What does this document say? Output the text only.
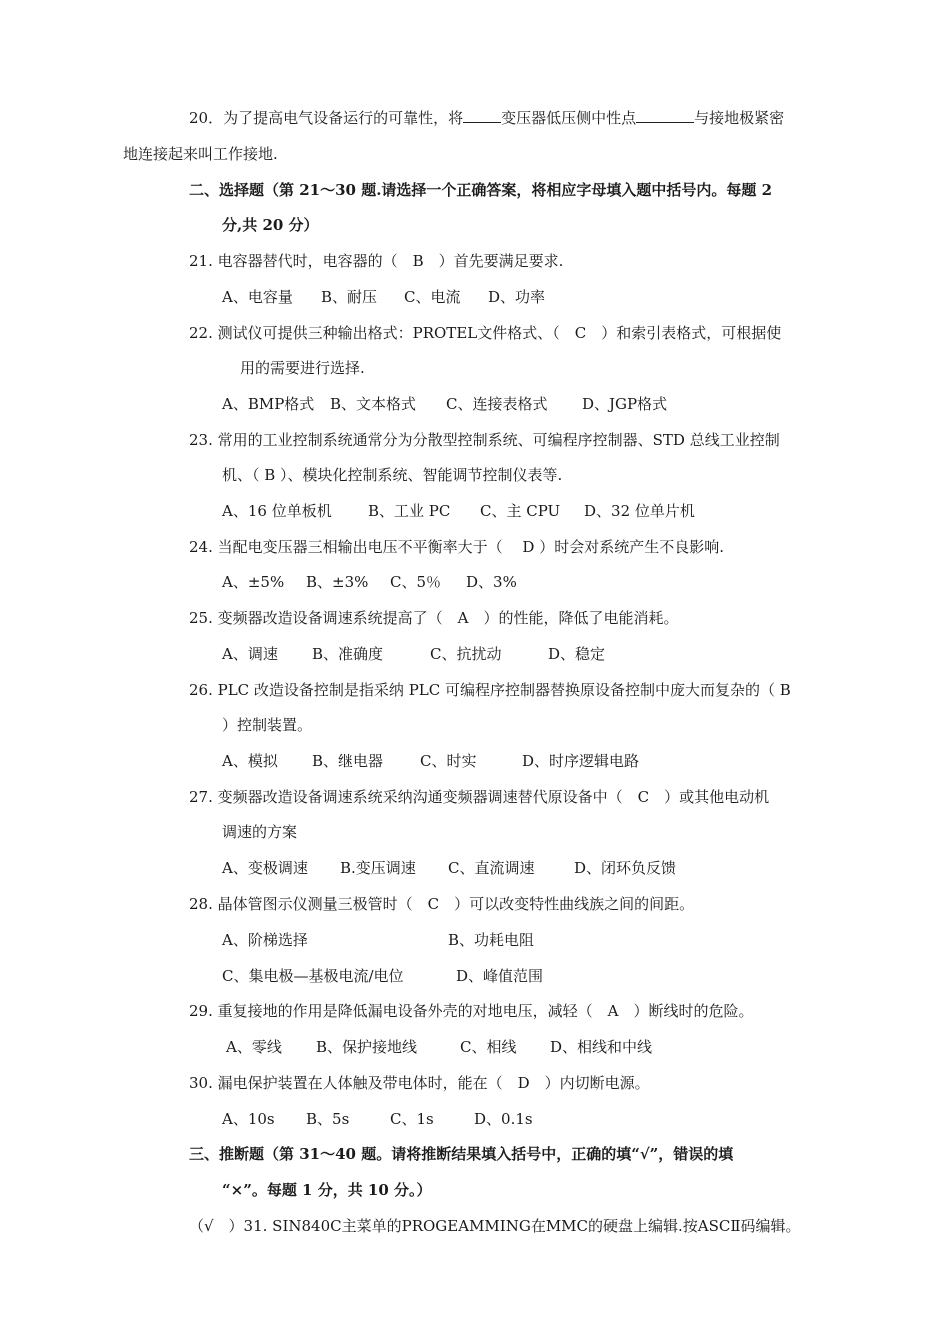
20．为了提高电气设备运行的可靠性，将	变压器低压侧中性点	与接地极紧密
地连接起来叫工作接地.
二、选择题（第 21～30 题.请选择一个正确答案，将相应字母填入题中括号内。每题 2
分,共 20 分）
21. 电容器替代时，电容器的（　B　）首先要满足要求.
A、电容量 B、耐压 C、电流 D、功率
22. 测试仪可提供三种输出格式：PROTEL文件格式、（　C　）和索引表格式，可根据使
用的需要进行选择.
A、BMP格式 B、文本格式 C、连接表格式 D、JGP格式
23. 常用的工业控制系统通常分为分散型控制系统、可编程序控制器、STD 总线工业控制
机、（ B ）、模块化控制系统、智能调节控制仪表等.
A、16 位单板机 B、工业 PC C、主 CPU D、32 位单片机
24. 当配电变压器三相输出电压不平衡率大于（　 D ）时会对系统产生不良影响.
A、±5% B、±3% C、5％ D、3%
25. 变频器改造设备调速系统提高了（　A　）的性能，降低了电能消耗。
A、调速 B、准确度	C、抗扰动	D、稳定
26. PLC 改造设备控制是指采纳 PLC 可编程序控制器替换原设备控制中庞大而复杂的（ B
）控制装置。
A、模拟 B、继电器 C、时实	D、时序逻辑电路
27. 变频器改造设备调速系统采纳沟通变频器调速替代原设备中（　C　）或其他电动机
调速的方案
A、变极调速 B.变压调速 C、直流调速	D、闭环负反馈
28. 晶体管图示仪测量三极管时（　C　）可以改变特性曲线族之间的间距。
A、阶梯选择	B、功耗电阻
C、集电极—基极电流/电位	D、峰值范围
29. 重复接地的作用是降低漏电设备外壳的对地电压，减轻（　A　）断线时的危险。
A、零线 B、保护接地线	C、相线 D、相线和中线
30. 漏电保护装置在人体触及带电体时，能在（　D　）内切断电源。
A、10s B、5s	C、1s	D、0.1s
三、推断题（第 31～40 题。请将推断结果填入括号中，正确的填“√”，错误的填
“×”。每题 1 分，共 10 分。）
（√　）31. SIN840C主菜单的PROGEAMMING在MMC的硬盘上编辑.按ASCⅡ码编辑。
